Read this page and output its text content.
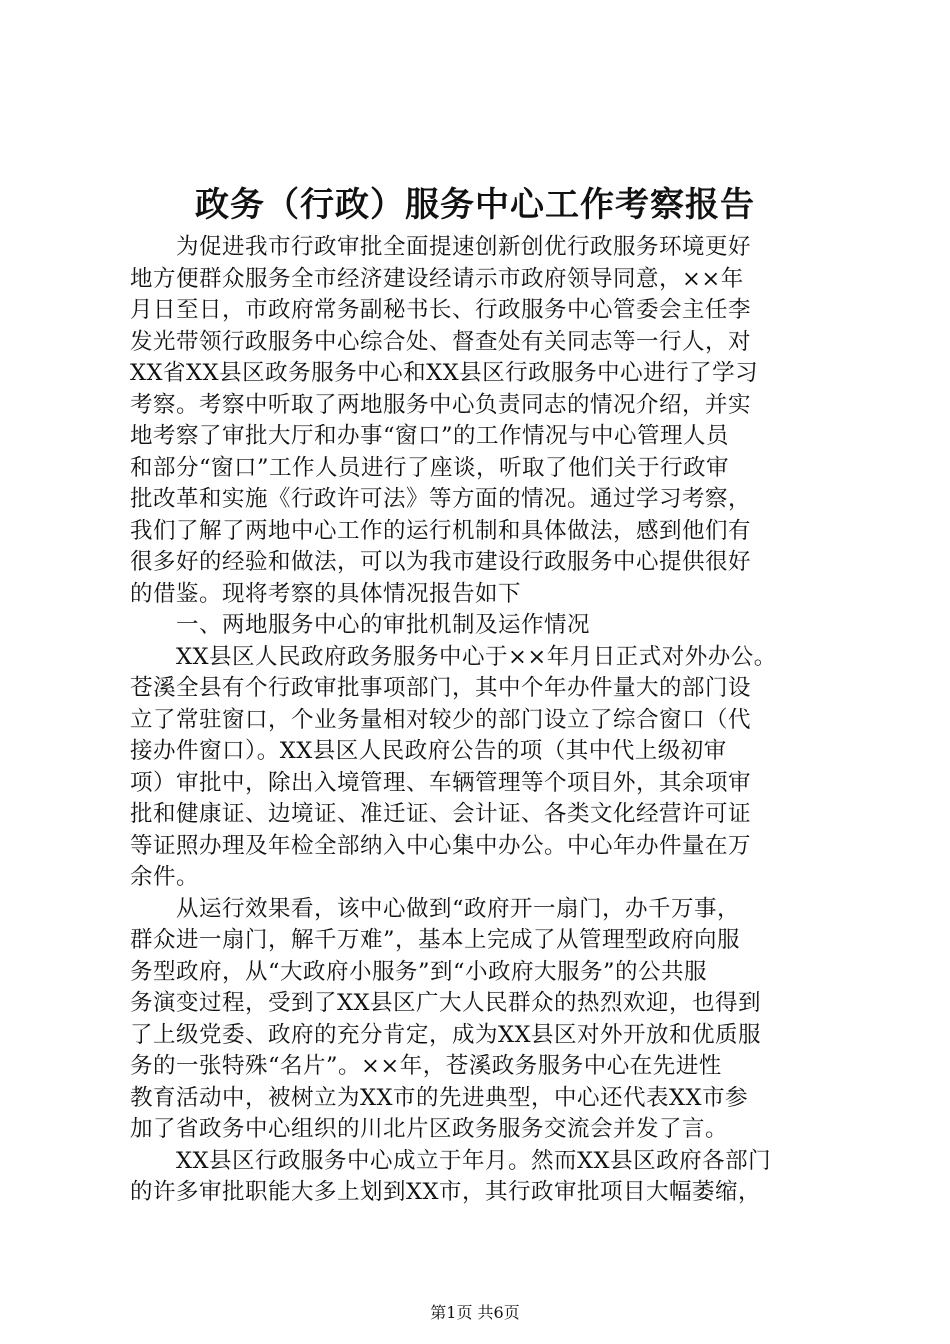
政务（行政）服务中心工作考察报告
为促进我市行政审批全面提速创新创优行政服务环境更好
地方便群众服务全市经济建设经请示市政府领导同意，××年
月日至日，市政府常务副秘书长、行政服务中心管委会主任李
发光带领行政服务中心综合处、督查处有关同志等一行人，对
XX省XX县区政务服务中心和XX县区行政服务中心进行了学习
考察。考察中听取了两地服务中心负责同志的情况介绍，并实
地考察了审批大厅和办事“窗口”的工作情况与中心管理人员
和部分“窗口”工作人员进行了座谈，听取了他们关于行政审
批改革和实施《行政许可法》等方面的情况。通过学习考察，
我们了解了两地中心工作的运行机制和具体做法，感到他们有
很多好的经验和做法，可以为我市建设行政服务中心提供很好
的借鉴。现将考察的具体情况报告如下
一、两地服务中心的审批机制及运作情况
XX县区人民政府政务服务中心于××年月日正式对外办公。
苍溪全县有个行政审批事项部门，其中个年办件量大的部门设
立了常驻窗口，个业务量相对较少的部门设立了综合窗口（代
接办件窗口）。XX县区人民政府公告的项（其中代上级初审
项）审批中，除出入境管理、车辆管理等个项目外，其余项审
批和健康证、边境证、准迁证、会计证、各类文化经营许可证
等证照办理及年检全部纳入中心集中办公。中心年办件量在万
余件。
从运行效果看，该中心做到“政府开一扇门，办千万事，
群众进一扇门，解千万难”，基本上完成了从管理型政府向服
务型政府，从“大政府小服务”到“小政府大服务”的公共服
务演变过程，受到了XX县区广大人民群众的热烈欢迎，也得到
了上级党委、政府的充分肯定，成为XX县区对外开放和优质服
务的一张特殊“名片”。××年，苍溪政务服务中心在先进性
教育活动中，被树立为XX市的先进典型，中心还代表XX市参
加了省政务中心组织的川北片区政务服务交流会并发了言。
XX县区行政服务中心成立于年月。然而XX县区政府各部门
的许多审批职能大多上划到XX市，其行政审批项目大幅萎缩，
第1页 共6页
